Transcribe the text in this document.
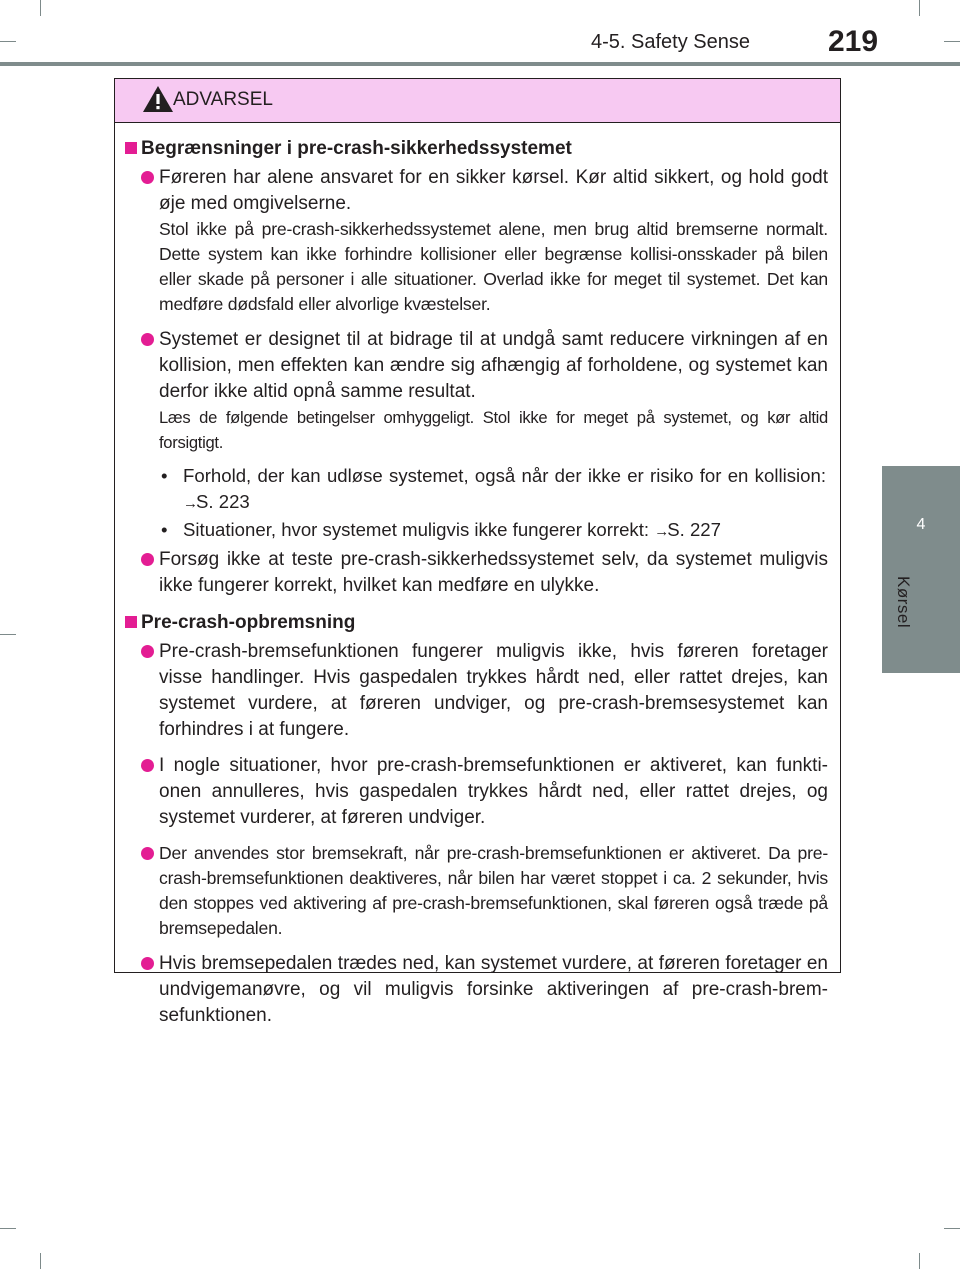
4-5. Safety Sense	219
4
Kørsel
ADVARSEL
Begrænsninger i pre-crash-sikkerhedssystemet

Føreren har alene ansvaret for en sikker kørsel. Kør altid sikkert, og hold godt øje med omgivelserne.

Stol ikke på pre-crash-sikkerhedssystemet alene, men brug altid bremserne normalt. Dette system kan ikke forhindre kollisioner eller begrænse kollisi-onsskader på bilen eller skade på personer i alle situationer. Overlad ikke for meget til systemet. Det kan medføre dødsfald eller alvorlige kvæstelser.

Systemet er designet til at bidrage til at undgå samt reducere virkningen af en kollision, men effekten kan ændre sig afhængig af forholdene, og systemet kan derfor ikke altid opnå samme resultat.

Læs de følgende betingelser omhyggeligt. Stol ikke for meget på systemet, og kør altid forsigtigt.

• Forhold, der kan udløse systemet, også når der ikke er risiko for en kollision: →S. 223
• Situationer, hvor systemet muligvis ikke fungerer korrekt: →S. 227

Forsøg ikke at teste pre-crash-sikkerhedssystemet selv, da systemet muligvis ikke fungerer korrekt, hvilket kan medføre en ulykke.

Pre-crash-opbremsning

Pre-crash-bremsefunktionen fungerer muligvis ikke, hvis føreren foretager visse handlinger. Hvis gaspedalen trykkes hårdt ned, eller rattet drejes, kan systemet vurdere, at føreren undviger, og pre-crash-bremsesystemet kan forhindres i at fungere.

I nogle situationer, hvor pre-crash-bremsefunktionen er aktiveret, kan funkti-onen annulleres, hvis gaspedalen trykkes hårdt ned, eller rattet drejes, og systemet vurderer, at føreren undviger.

Der anvendes stor bremsekraft, når pre-crash-bremsefunktionen er aktiveret. Da pre-crash-bremsefunktionen deaktiveres, når bilen har været stoppet i ca. 2 sekunder, hvis den stoppes ved aktivering af pre-crash-bremsefunktionen, skal føreren også træde på bremsepedalen.

Hvis bremsepedalen trædes ned, kan systemet vurdere, at føreren foretager en undvigemanøvre, og vil muligvis forsinke aktiveringen af pre-crash-brem-sefunktionen.
